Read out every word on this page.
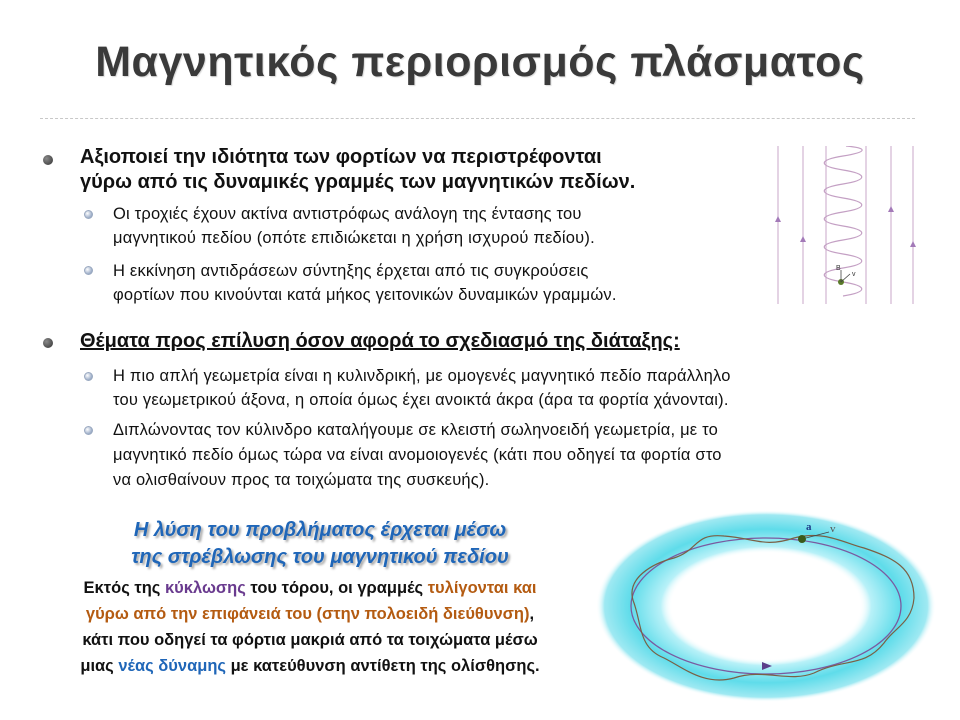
Μαγνητικός περιορισμός πλάσματος
Αξιοποιεί την ιδιότητα των φορτίων να περιστρέφονται
γύρω από τις δυναμικές γραμμές των μαγνητικών πεδίων.
Οι τροχιές έχουν ακτίνα αντιστρόφως ανάλογη της έντασης του
μαγνητικού πεδίου (οπότε επιδιώκεται η χρήση ισχυρού πεδίου).
Η εκκίνηση αντιδράσεων σύντηξης έρχεται από τις συγκρούσεις
φορτίων που κινούνται κατά μήκος γειτονικών δυναμικών γραμμών.
B
v
Θέματα προς επίλυση όσον αφορά το σχεδιασμό της διάταξης:
Η πιο απλή γεωμετρία είναι η κυλινδρική, με ομογενές μαγνητικό πεδίο παράλληλο
του γεωμετρικού άξονα, η οποία όμως έχει ανοικτά άκρα (άρα τα φορτία χάνονται).
Διπλώνοντας τον κύλινδρο καταλήγουμε σε κλειστή σωληνοειδή γεωμετρία, με το
μαγνητικό πεδίο όμως τώρα να είναι ανομοιογενές (κάτι που οδηγεί τα φορτία στο
να ολισθαίνουν προς τα τοιχώματα της συσκευής).
Η λύση του προβλήματος έρχεται μέσω
της στρέβλωσης του μαγνητικού πεδίου
Εκτός της κύκλωσης του τόρου, οι γραμμές τυλίγονται και
γύρω από την επιφάνειά του (στην πολοειδή διεύθυνση),
κάτι που οδηγεί τα φόρτια μακριά από τα τοιχώματα μέσω
μιας νέας δύναμης με κατεύθυνση αντίθετη της ολίσθησης.
a v
